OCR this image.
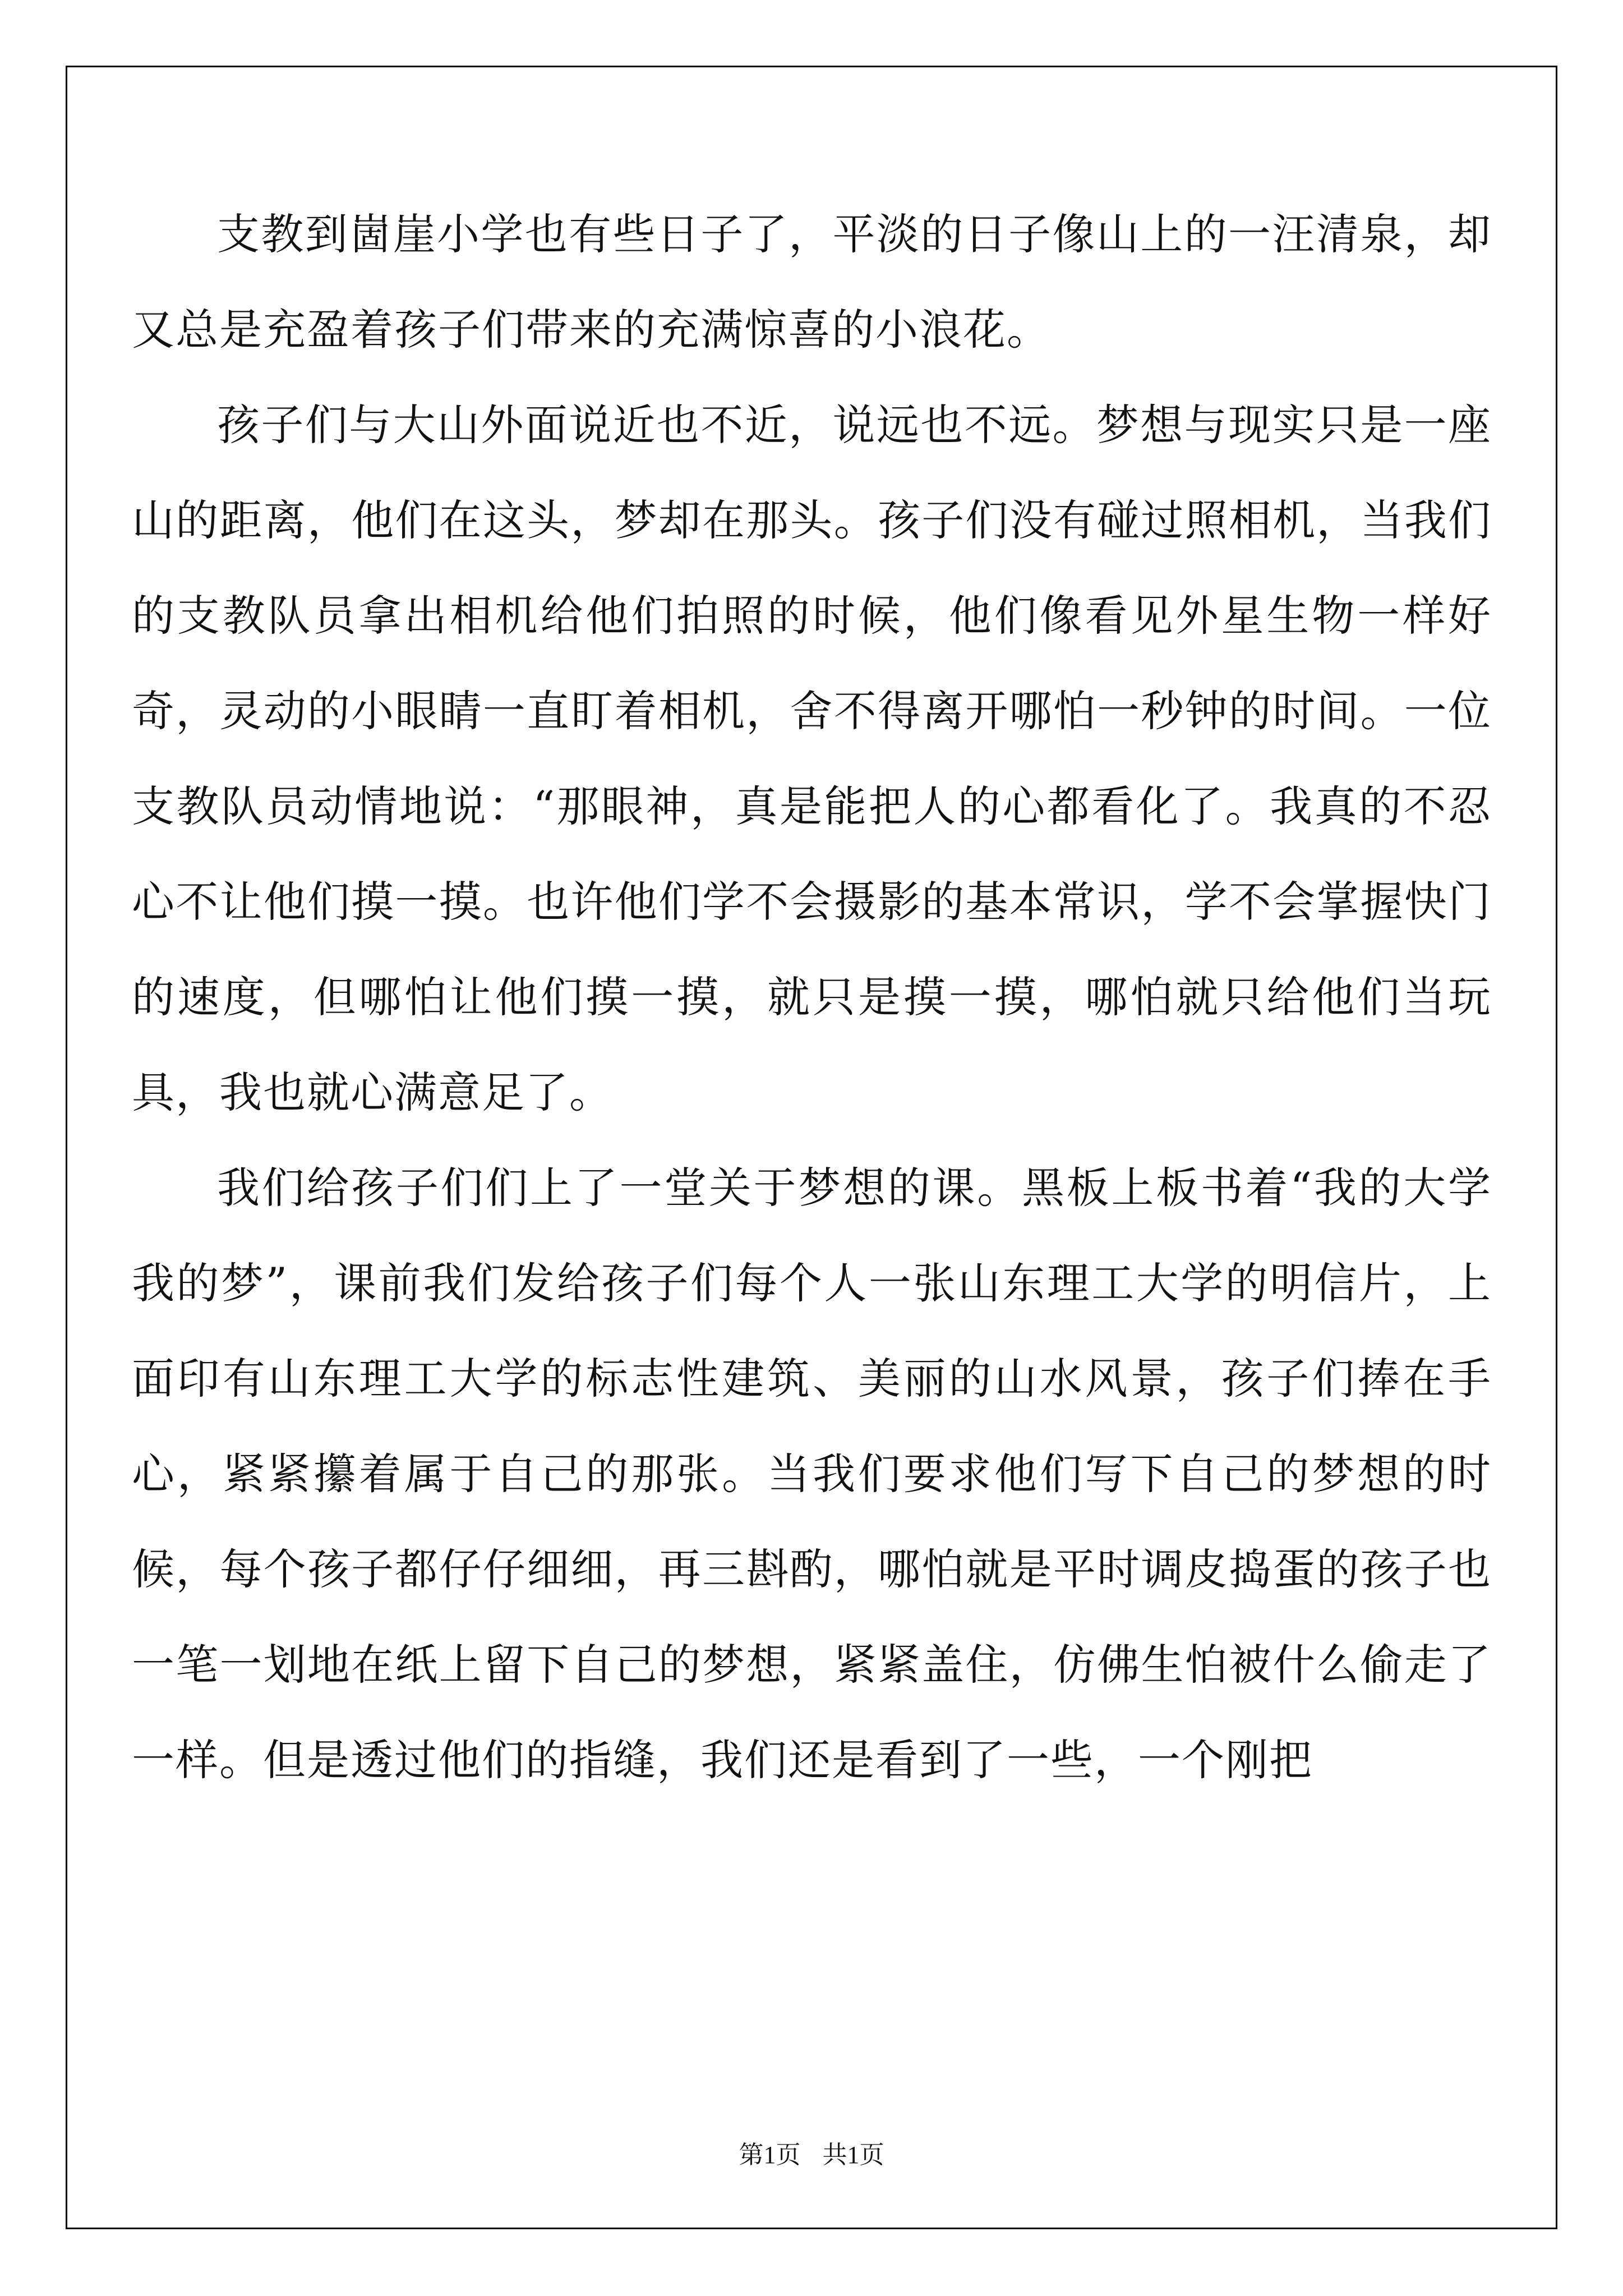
支教到崮崖小学也有些日子了，平淡的日子像山上的一汪清泉，却又总是充盈着孩子们带来的充满惊喜的小浪花。

孩子们与大山外面说近也不近，说远也不远。梦想与现实只是一座山的距离，他们在这头，梦却在那头。孩子们没有碰过照相机，当我们的支教队员拿出相机给他们拍照的时候，他们像看见外星生物一样好奇，灵动的小眼睛一直盯着相机，舍不得离开哪怕一秒钟的时间。一位支教队员动情地说：“那眼神，真是能把人的心都看化了。我真的不忍心不让他们摸一摸。也许他们学不会摄影的基本常识，学不会掌握快门的速度，但哪怕让他们摸一摸，就只是摸一摸，哪怕就只给他们当玩具，我也就心满意足了。

我们给孩子们们上了一堂关于梦想的课。黑板上板书着“我的大学我的梦”，课前我们发给孩子们每个人一张山东理工大学的明信片，上面印有山东理工大学的标志性建筑、美丽的山水风景，孩子们捧在手心，紧紧攥着属于自己的那张。当我们要求他们写下自己的梦想的时候，每个孩子都仔仔细细，再三斟酌，哪怕就是平时调皮捣蛋的孩子也一笔一划地在纸上留下自己的梦想，紧紧盖住，仿佛生怕被什么偷走了一样。但是透过他们的指缝，我们还是看到了一些，一个刚把

第1页 共1页
